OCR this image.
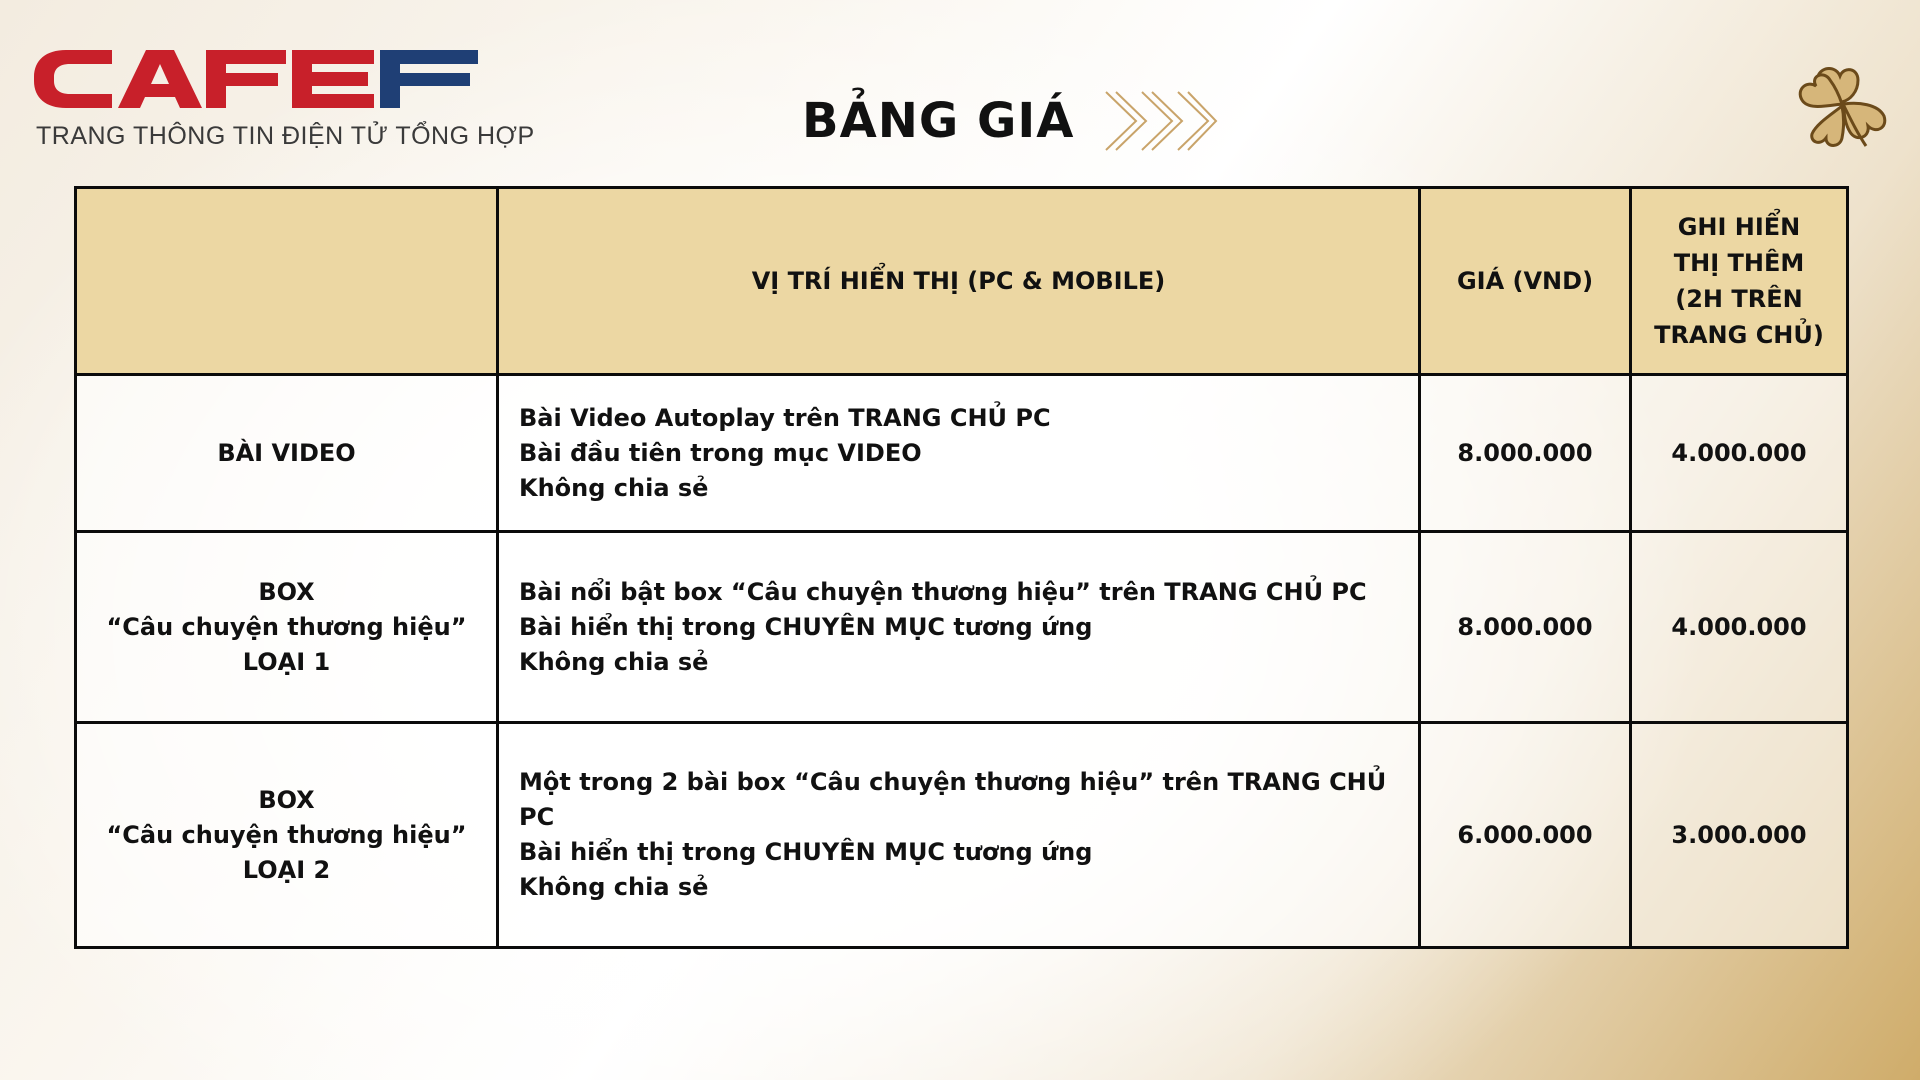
TRANG THÔNG TIN ĐIỆN TỬ TỔNG HỢP	BẢNG GIÁ
	VỊ TRÍ HIỂN THỊ (PC & MOBILE)	GIÁ (VND)	GHI HIỂN
THỊ THÊM
(2H TRÊN
TRANG CHỦ)

BÀI VIDEO	Bài Video Autoplay trên TRANG CHỦ PC
Bài đầu tiên trong mục VIDEO
Không chia sẻ	8.000.000	4.000.000

BOX
“Câu chuyện thương hiệu”
LOẠI 1	Bài nổi bật box “Câu chuyện thương hiệu” trên TRANG CHỦ PC
Bài hiển thị trong CHUYÊN MỤC tương ứng
Không chia sẻ	8.000.000	4.000.000

BOX
“Câu chuyện thương hiệu”
LOẠI 2	Một trong 2 bài box “Câu chuyện thương hiệu” trên TRANG CHỦ
PC
Bài hiển thị trong CHUYÊN MỤC tương ứng
Không chia sẻ	6.000.000	3.000.000
